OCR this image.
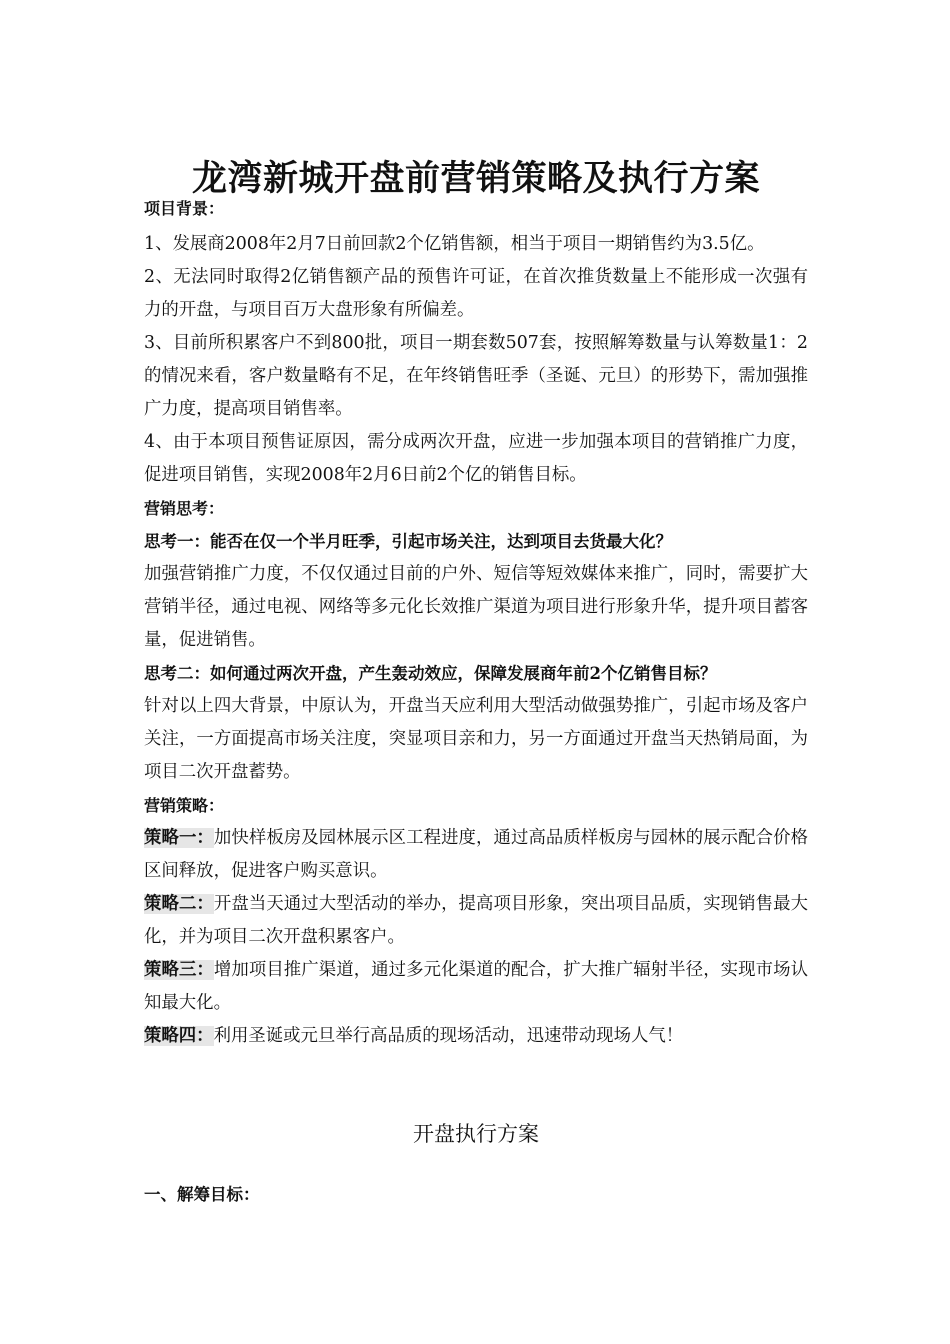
龙湾新城开盘前营销策略及执行方案

项目背景：

1、发展商2008年2月7日前回款2个亿销售额，相当于项目一期销售约为3.5亿。

2、无法同时取得2亿销售额产品的预售许可证，在首次推货数量上不能形成一次强有力的开盘，与项目百万大盘形象有所偏差。

3、目前所积累客户不到800批，项目一期套数507套，按照解筹数量与认筹数量1：2的情况来看，客户数量略有不足，在年终销售旺季（圣诞、元旦）的形势下，需加强推广力度，提高项目销售率。

4、由于本项目预售证原因，需分成两次开盘，应进一步加强本项目的营销推广力度，促进项目销售，实现2008年2月6日前2个亿的销售目标。

营销思考：

思考一：能否在仅一个半月旺季，引起市场关注，达到项目去货最大化？

加强营销推广力度，不仅仅通过目前的户外、短信等短效媒体来推广，同时，需要扩大营销半径，通过电视、网络等多元化长效推广渠道为项目进行形象升华，提升项目蓄客量，促进销售。

思考二：如何通过两次开盘，产生轰动效应，保障发展商年前2个亿销售目标？

针对以上四大背景，中原认为，开盘当天应利用大型活动做强势推广，引起市场及客户关注，一方面提高市场关注度，突显项目亲和力，另一方面通过开盘当天热销局面，为项目二次开盘蓄势。

营销策略：

策略一：加快样板房及园林展示区工程进度，通过高品质样板房与园林的展示配合价格区间释放，促进客户购买意识。

策略二：开盘当天通过大型活动的举办，提高项目形象，突出项目品质，实现销售最大化，并为项目二次开盘积累客户。

策略三：增加项目推广渠道，通过多元化渠道的配合，扩大推广辐射半径，实现市场认知最大化。

策略四：利用圣诞或元旦举行高品质的现场活动，迅速带动现场人气！

开盘执行方案
一、解筹目标：
